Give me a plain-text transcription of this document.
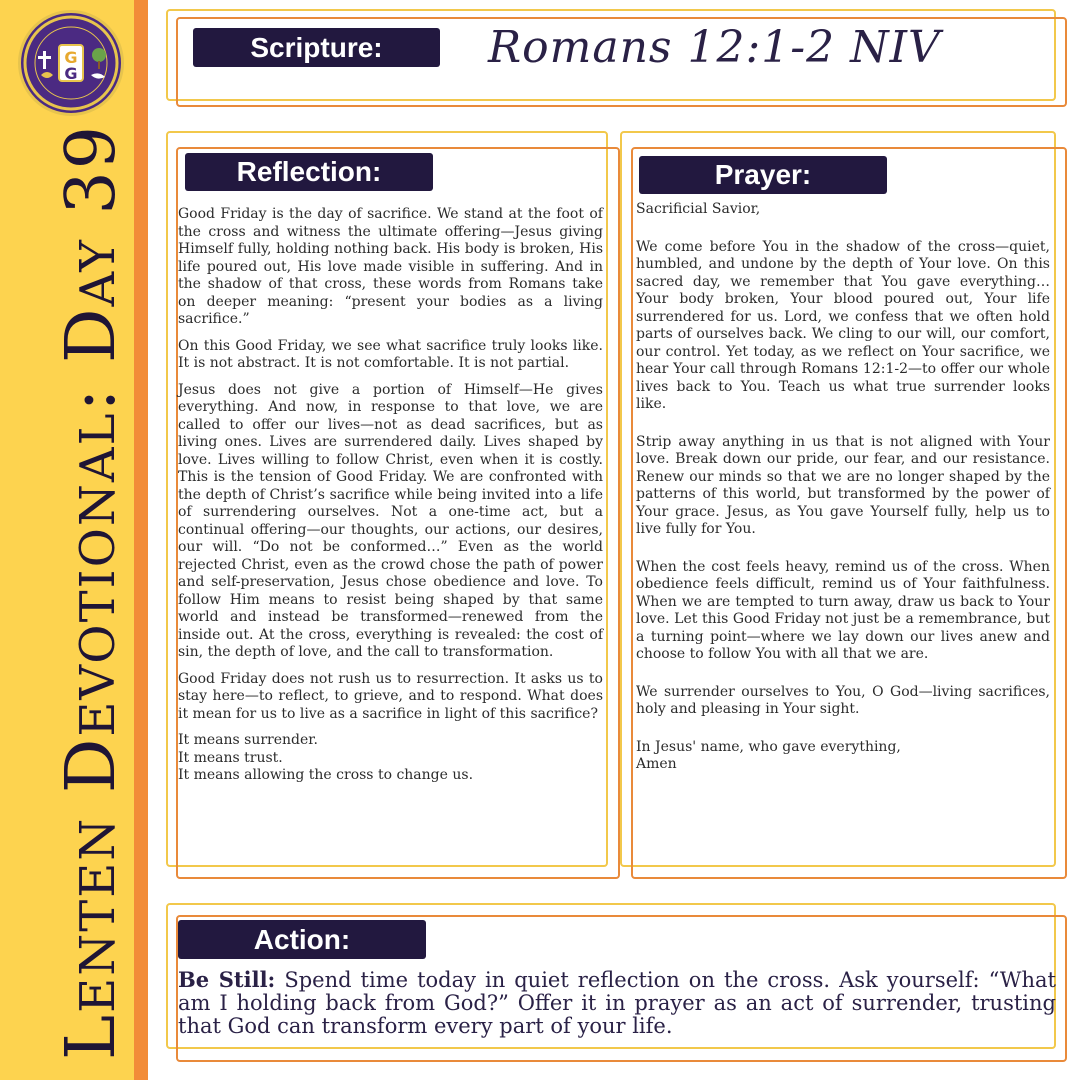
G
G
Lenten Devotional: Day 39
Scripture:	Romans 12:1-2 NIV
Reflection:

Good Friday is the day of sacrifice. We stand at the foot of the cross and witness the ultimate offering—Jesus giving Himself fully, holding nothing back. His body is broken, His life poured out, His love made visible in suffering. And in the shadow of that cross, these words from Romans take on deeper meaning: “present your bodies as a living sacrifice.”

On this Good Friday, we see what sacrifice truly looks like. It is not abstract. It is not comfortable. It is not partial.

Jesus does not give a portion of Himself—He gives everything. And now, in response to that love, we are called to offer our lives—not as dead sacrifices, but as living ones. Lives are surrendered daily. Lives shaped by love. Lives willing to follow Christ, even when it is costly. This is the tension of Good Friday. We are confronted with the depth of Christ’s sacrifice while being invited into a life of surrendering ourselves. Not a one-time act, but a continual offering—our thoughts, our actions, our desires, our will. “Do not be conformed…” Even as the world rejected Christ, even as the crowd chose the path of power and self-preservation, Jesus chose obedience and love. To follow Him means to resist being shaped by that same world and instead be transformed—renewed from the inside out. At the cross, everything is revealed: the cost of sin, the depth of love, and the call to transformation.

Good Friday does not rush us to resurrection. It asks us to stay here—to reflect, to grieve, and to respond. What does it mean for us to live as a sacrifice in light of this sacrifice?

It means surrender.
It means trust.
It means allowing the cross to change us.
Prayer:

Sacrificial Savior,

We come before You in the shadow of the cross—quiet, humbled, and undone by the depth of Your love. On this sacred day, we remember that You gave everything… Your body broken, Your blood poured out, Your life surrendered for us. Lord, we confess that we often hold parts of ourselves back. We cling to our will, our comfort, our control. Yet today, as we reflect on Your sacrifice, we hear Your call through Romans 12:1-2—to offer our whole lives back to You. Teach us what true surrender looks like.

Strip away anything in us that is not aligned with Your love. Break down our pride, our fear, and our resistance. Renew our minds so that we are no longer shaped by the patterns of this world, but transformed by the power of Your grace. Jesus, as You gave Yourself fully, help us to live fully for You.

When the cost feels heavy, remind us of the cross. When obedience feels difficult, remind us of Your faithfulness. When we are tempted to turn away, draw us back to Your love. Let this Good Friday not just be a remembrance, but a turning point—where we lay down our lives anew and choose to follow You with all that we are.

We surrender ourselves to You, O God—living sacrifices, holy and pleasing in Your sight.

In Jesus' name, who gave everything,
Amen
Action:

Be Still: Spend time today in quiet reflection on the cross. Ask yourself: “What am I holding back from God?” Offer it in prayer as an act of surrender, trusting that God can transform every part of your life.
